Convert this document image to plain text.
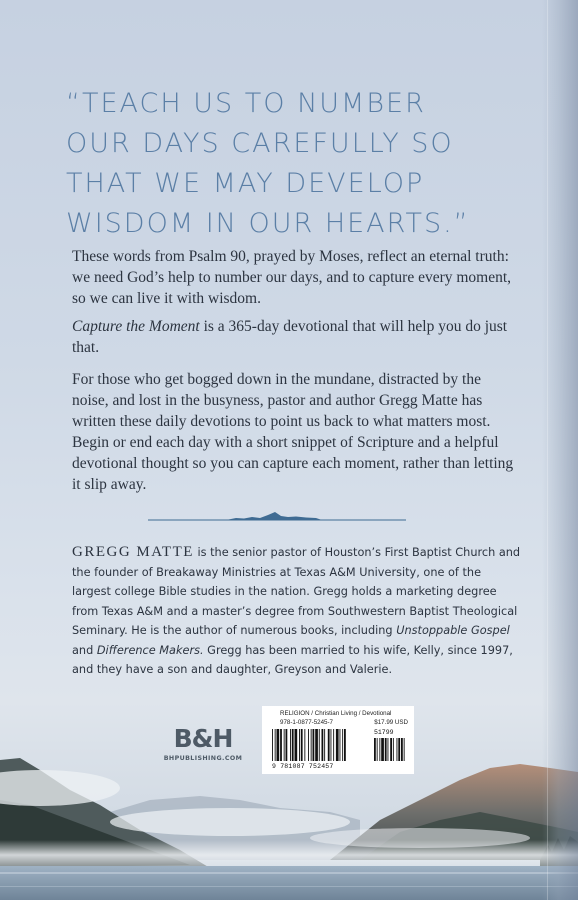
“TEACH US TO NUMBER
OUR DAYS CAREFULLY SO
THAT WE MAY DEVELOP
WISDOM IN OUR HEARTS.”

These words from Psalm 90, prayed by Moses, reflect an eternal truth: we need God’s help to number our days, and to capture every moment, so we can live it with wisdom.

Capture the Moment is a 365-day devotional that will help you do just that.

For those who get bogged down in the mundane, distracted by the noise, and lost in the busyness, pastor and author Gregg Matte has written these daily devotions to point us back to what matters most. Begin or end each day with a short snippet of Scripture and a helpful devotional thought so you can capture each moment, rather than letting it slip away.

GREGG MATTE is the senior pastor of Houston’s First Baptist Church and the founder of Breakaway Ministries at Texas A&M University, one of the largest college Bible studies in the nation. Gregg holds a marketing degree from Texas A&M and a master’s degree from Southwestern Baptist Theological Seminary. He is the author of numerous books, including Unstoppable Gospel and Difference Makers. Gregg has been married to his wife, Kelly, since 1997, and they have a son and daughter, Greyson and Valerie.

B&H
BHPUBLISHING.COM
RELIGION / Christian Living / Devotional
978-1-0877-5245-7	$17.99 USD
9 781087 752457
51799
